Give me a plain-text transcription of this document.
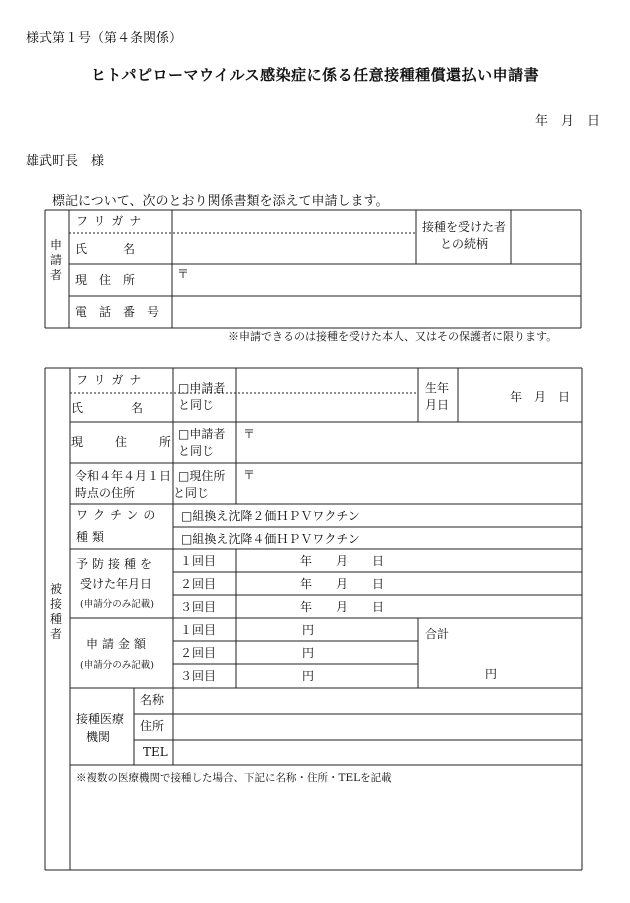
様式第１号（第４条関係）
ヒトパピローマウイルス感染症に係る任意接種種償還払い申請書
年　月　日
雄武町長　様
標記について、次のとおり関係書類を添えて申請します。
申請者
フリガナ
氏　　　名
接種を受けた者との続柄
現　住　所	〒
電　話　番　号
※申請できるのは接種を受けた本人、又はその保護者に限ります。
被接種者
フリガナ
氏　　　　名
□申請者
と同じ
生年
月日
年　月　日
現　住　所
□申請者
と同じ
〒
令和４年４月１日
時点の住所
□現住所
と同じ
〒
ワクチンの
種類
□組換え沈降２価ＨＰＶワクチン
□組換え沈降４価ＨＰＶワクチン
予防接種を
受けた年月日
(申請分のみ記載)
１回目
２回目
３回目
年　　月　　日
年　　月　　日
年　　月　　日
申請金額
(申請分のみ記載)
１回目
２回目
３回目
円
円
円
合計
円
接種医療
機関
名称
住所
TEL
※複数の医療機関で接種した場合、下記に名称・住所・TELを記載
